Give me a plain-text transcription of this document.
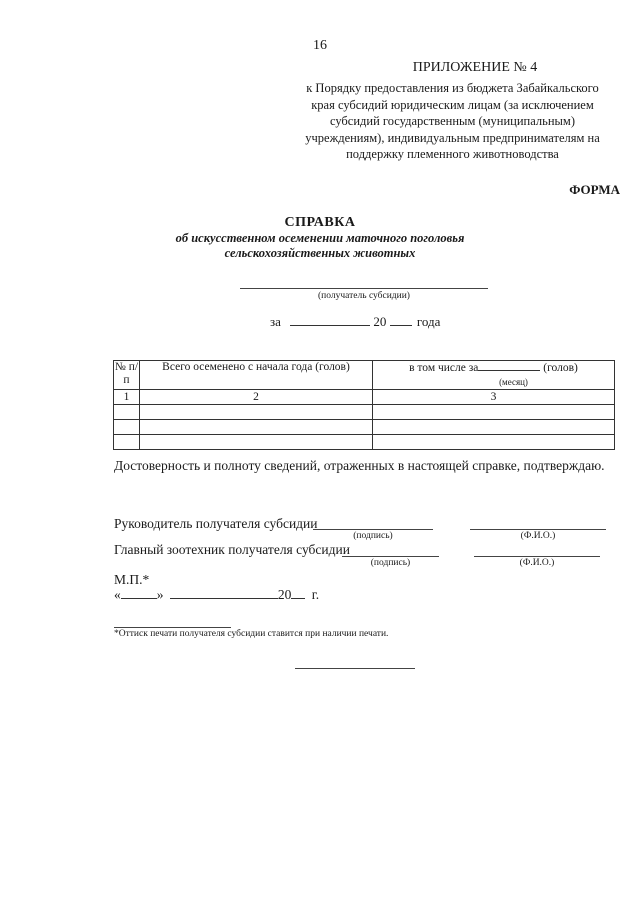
16
ПРИЛОЖЕНИЕ № 4
к Порядку предоставления из бюджета Забайкальского
края субсидий юридическим лицам (за исключением
субсидий государственным (муниципальным)
учреждениям), индивидуальным предпринимателям на
поддержку племенного животноводства
ФОРМА
СПРАВКА
об искусственном осеменении маточного поголовья
сельскохозяйственных животных
(получатель субсидии)
за	20 года
№ п/п	Всего осеменено с начала года (голов)	в том числе за (голов)
(месяц)

1	2	3

Достоверность и полноту сведений, отраженных в настоящей справке, подтверждаю.
Руководитель получателя субсидии
(подпись)	(Ф.И.О.)
Главный зоотехник получателя субсидии
(подпись)	(Ф.И.О.)
М.П.*
«	»	20 г.
*Оттиск печати получателя субсидии ставится при наличии печати.
